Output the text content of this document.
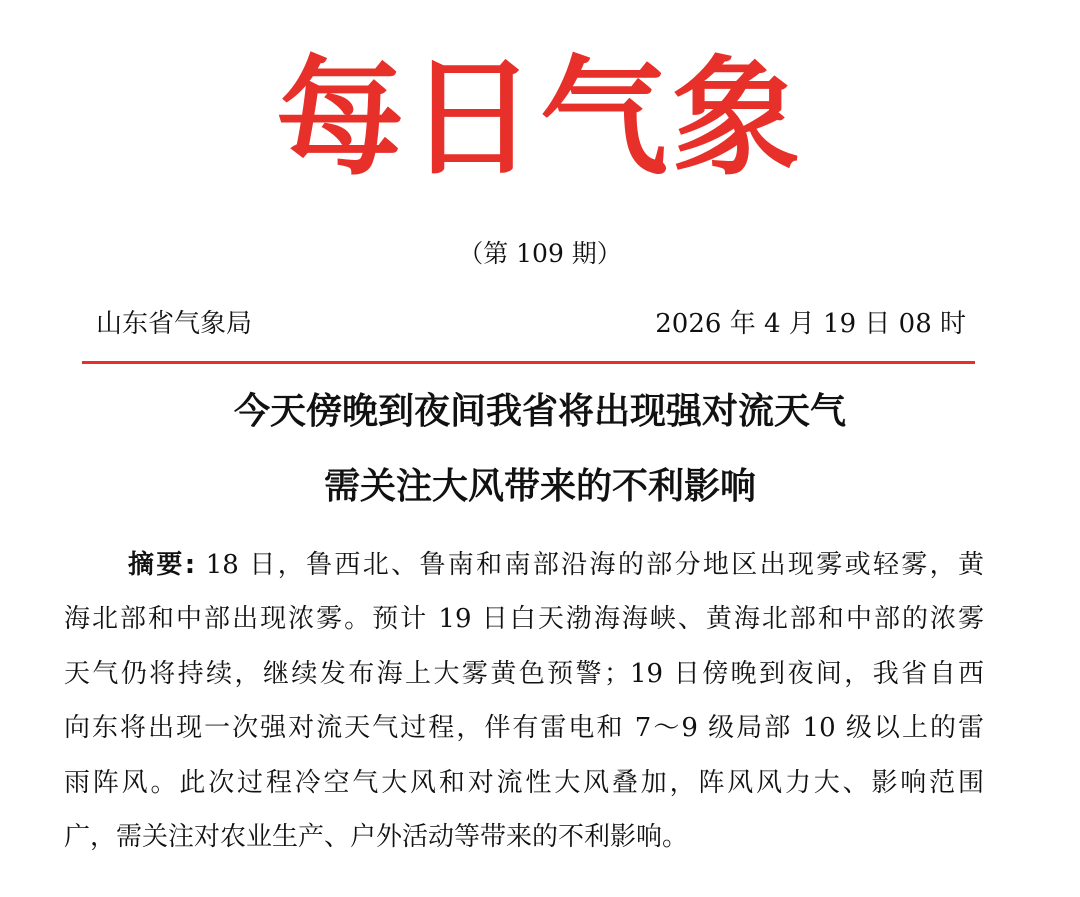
每日气象
（第 109 期）
山东省气象局	2026 年 4 月 19 日 08 时
今天傍晚到夜间我省将出现强对流天气
需关注大风带来的不利影响
摘要: 18 日，鲁西北、鲁南和南部沿海的部分地区出现雾或轻雾，黄
海北部和中部出现浓雾。预计 19 日白天渤海海峡、黄海北部和中部的浓雾
天气仍将持续，继续发布海上大雾黄色预警；19 日傍晚到夜间，我省自西
向东将出现一次强对流天气过程，伴有雷电和 7～9 级局部 10 级以上的雷
雨阵风。此次过程冷空气大风和对流性大风叠加，阵风风力大、影响范围
广，需关注对农业生产、户外活动等带来的不利影响。
